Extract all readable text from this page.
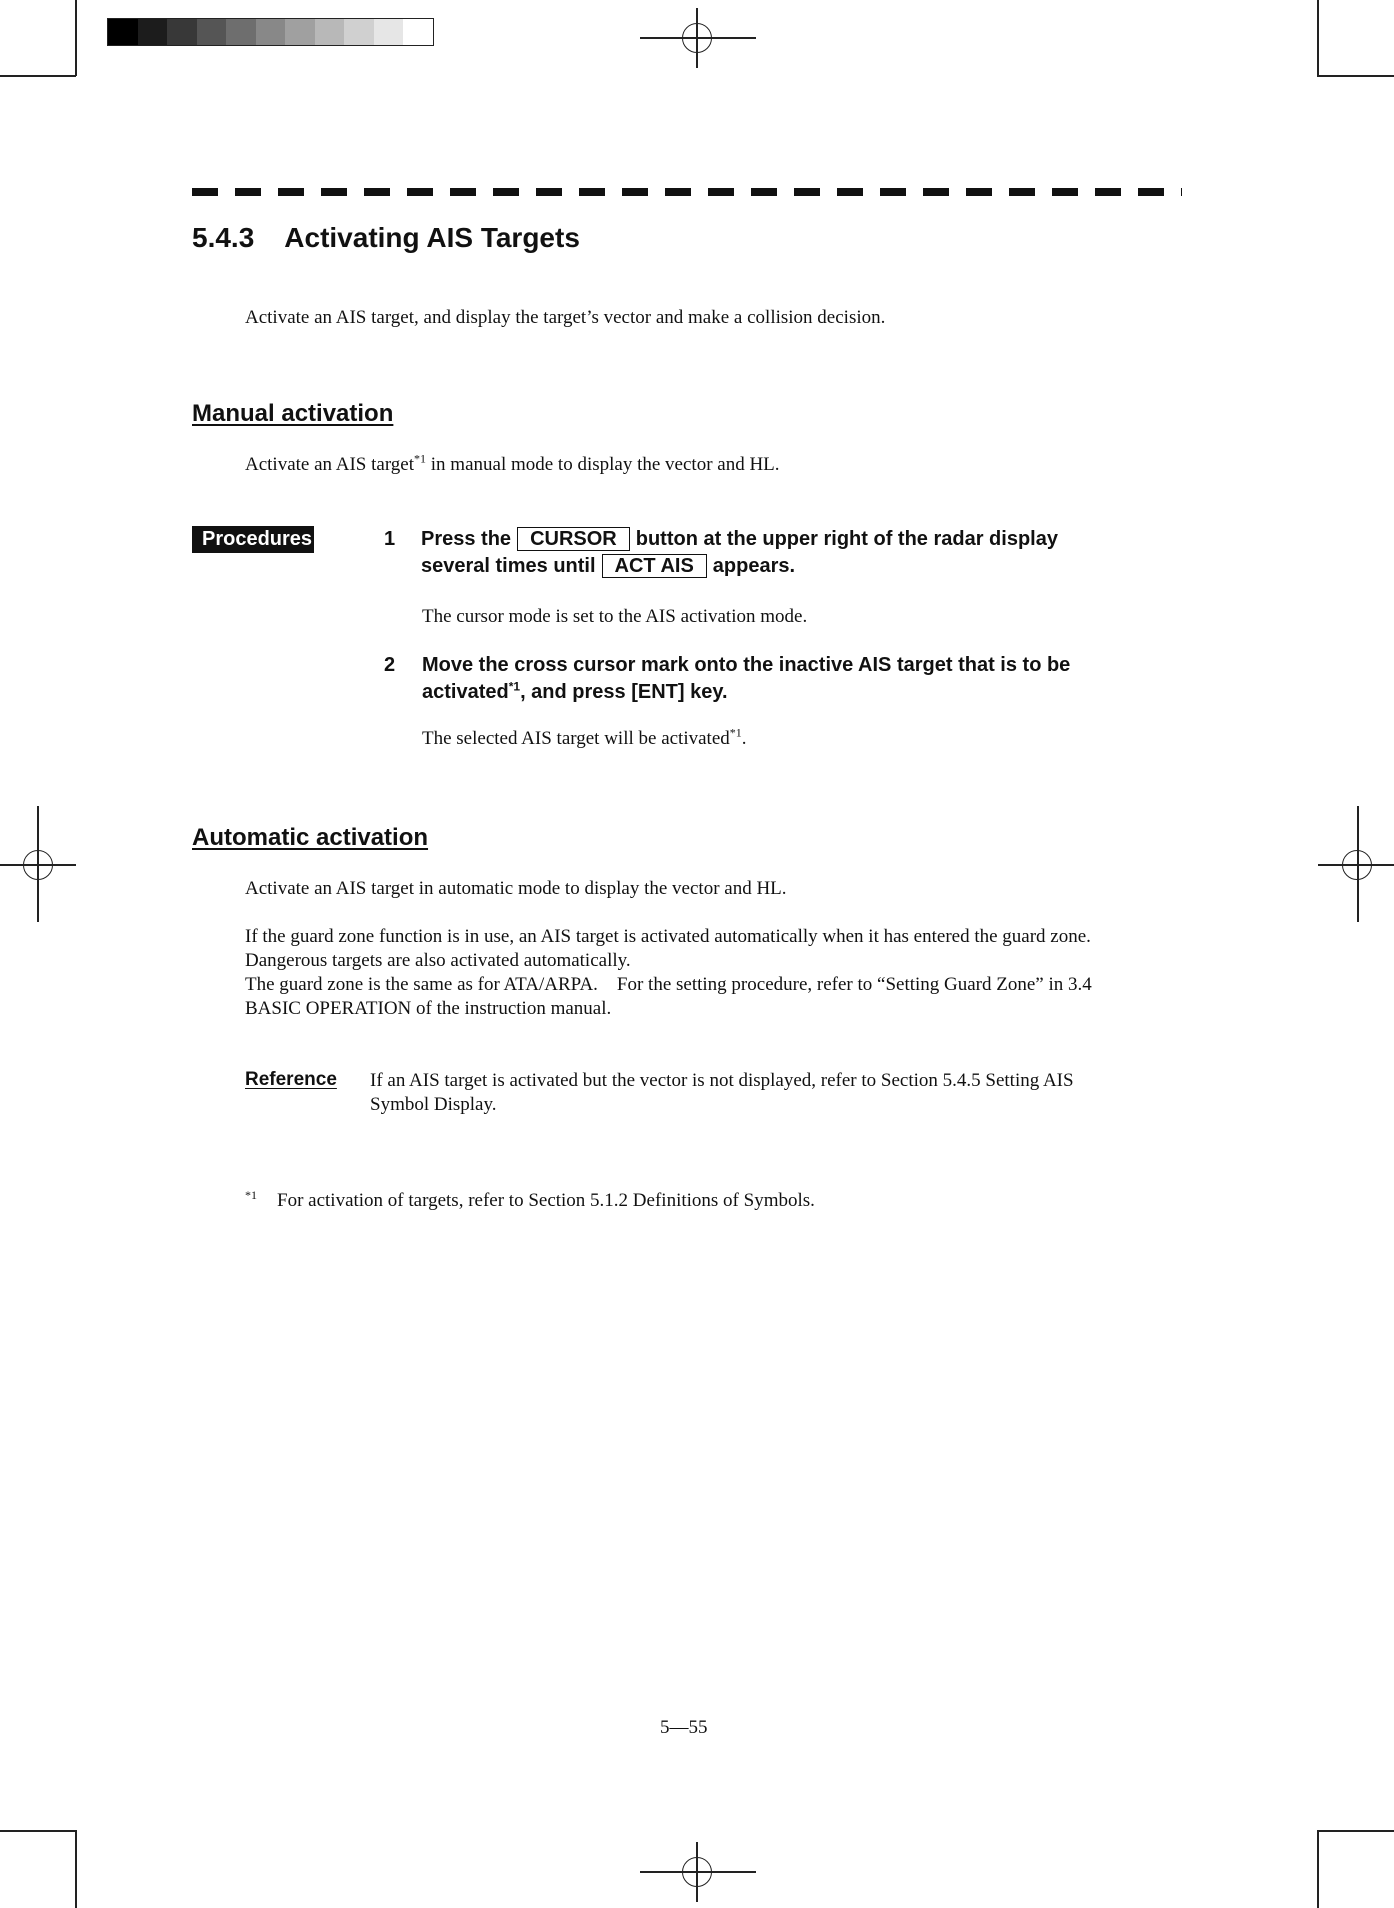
5.4.3 Activating AIS Targets
Activate an AIS target, and display the target’s vector and make a collision decision.
Manual activation
Activate an AIS target$^{*1}$ in manual mode to display the vector and HL.
Procedures	1 Press the CURSOR button at the upper right of the radar display
several times until ACT AIS appears.
The cursor mode is set to the AIS activation mode.
2 Move the cross cursor mark onto the inactive AIS target that is to be
activated$^{*1}$, and press [ENT] key.
The selected AIS target will be activated$^{*1}$.
Automatic activation
Activate an AIS target in automatic mode to display the vector and HL.
If the guard zone function is in use, an AIS target is activated automatically when it has entered the guard zone.
Dangerous targets are also activated automatically.
The guard zone is the same as for ATA/ARPA. For the setting procedure, refer to “Setting Guard Zone” in 3.4
BASIC OPERATION of the instruction manual.
Reference If an AIS target is activated but the vector is not displayed, refer to Section 5.4.5 Setting AIS
Symbol Display.
$^{*1}$ For activation of targets, refer to Section 5.1.2 Definitions of Symbols.
5—55
